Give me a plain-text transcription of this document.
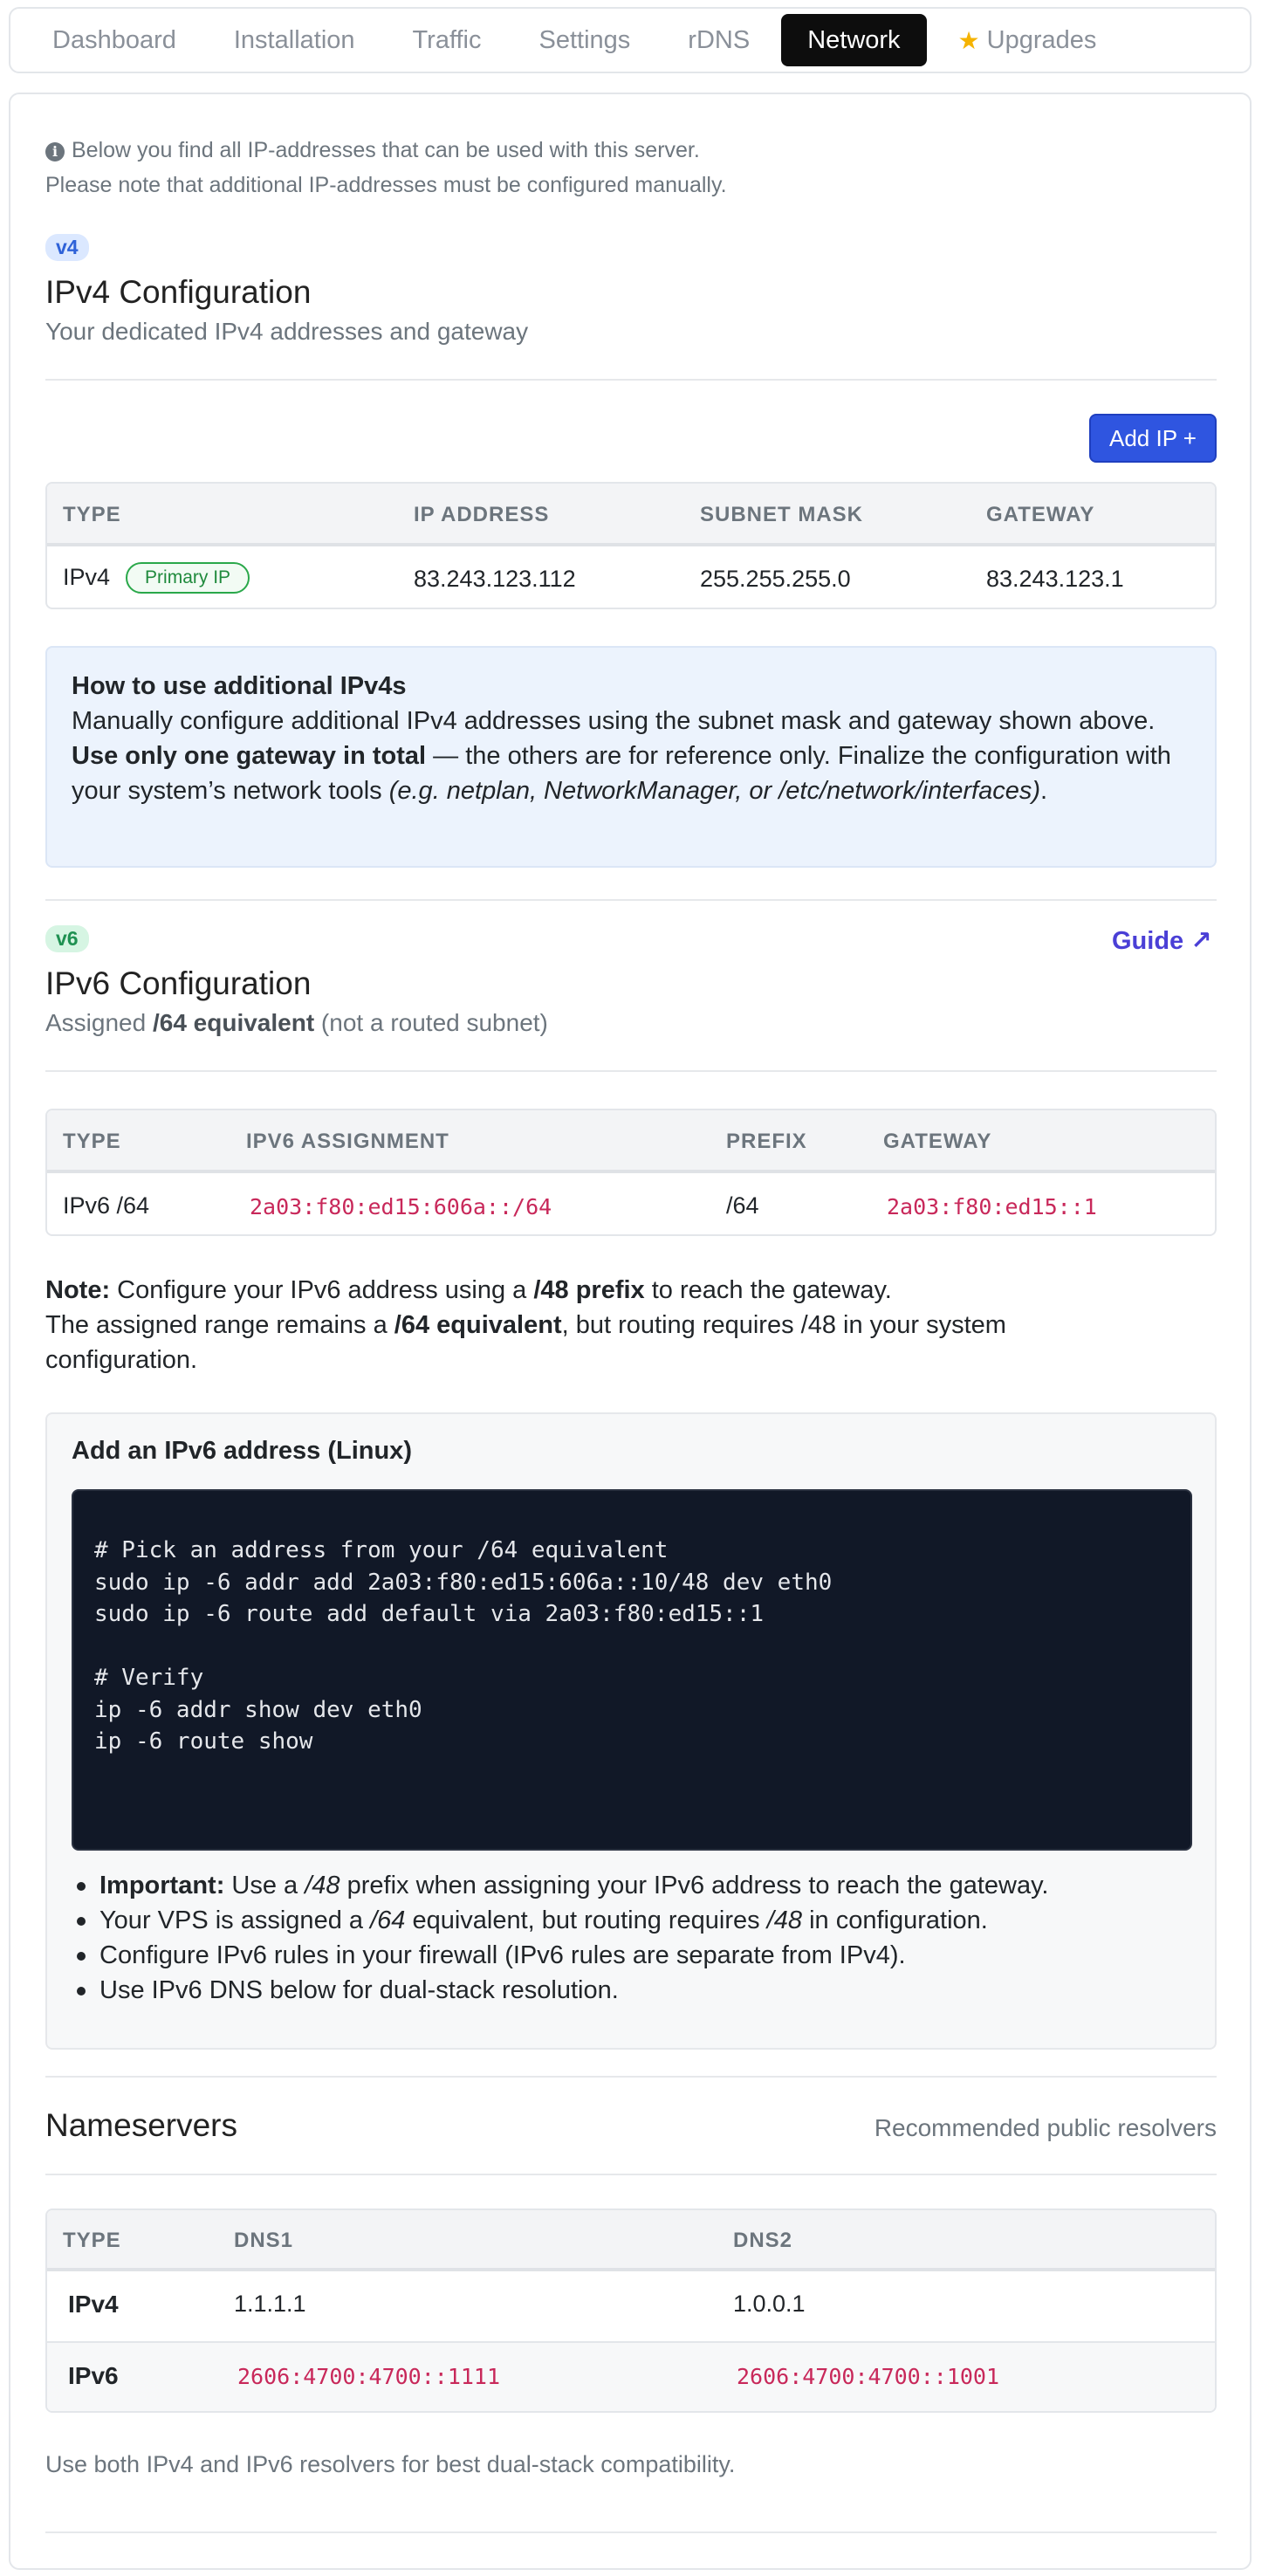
Dashboard	Installation	Traffic	Settings	rDNS	Network	★ Upgrades
i Below you find all IP-addresses that can be used with this server.
Please note that additional IP-addresses must be configured manually.
v4
IPv4 Configuration
Your dedicated IPv4 addresses and gateway
Add IP +
TYPE	IP ADDRESS	SUBNET MASK	GATEWAY
IPv4 Primary IP	83.243.123.112	255.255.255.0	83.243.123.1
How to use additional IPv4s
Manually configure additional IPv4 addresses using the subnet mask and gateway shown above. Use only one gateway in total — the others are for reference only. Finalize the configuration with your system’s network tools (e.g. netplan, NetworkManager, or /etc/network/interfaces).
v6	Guide ↗
IPv6 Configuration
Assigned /64 equivalent (not a routed subnet)
TYPE	IPV6 ASSIGNMENT	PREFIX	GATEWAY
IPv6 /64	2a03:f80:ed15:606a::/64	/64	2a03:f80:ed15::1
Note: Configure your IPv6 address using a /48 prefix to reach the gateway.
The assigned range remains a /64 equivalent, but routing requires /48 in your system configuration.
Add an IPv6 address (Linux)
# Pick an address from your /64 equivalent
sudo ip -6 addr add 2a03:f80:ed15:606a::10/48 dev eth0
sudo ip -6 route add default via 2a03:f80:ed15::1

# Verify
ip -6 addr show dev eth0
ip -6 route show
Important: Use a /48 prefix when assigning your IPv6 address to reach the gateway.
Your VPS is assigned a /64 equivalent, but routing requires /48 in configuration.
Configure IPv6 rules in your firewall (IPv6 rules are separate from IPv4).
Use IPv6 DNS below for dual-stack resolution.
Nameservers	Recommended public resolvers
TYPE	DNS1	DNS2
IPv4	1.1.1.1	1.0.0.1
IPv6	2606:4700:4700::1111	2606:4700:4700::1001
Use both IPv4 and IPv6 resolvers for best dual-stack compatibility.
